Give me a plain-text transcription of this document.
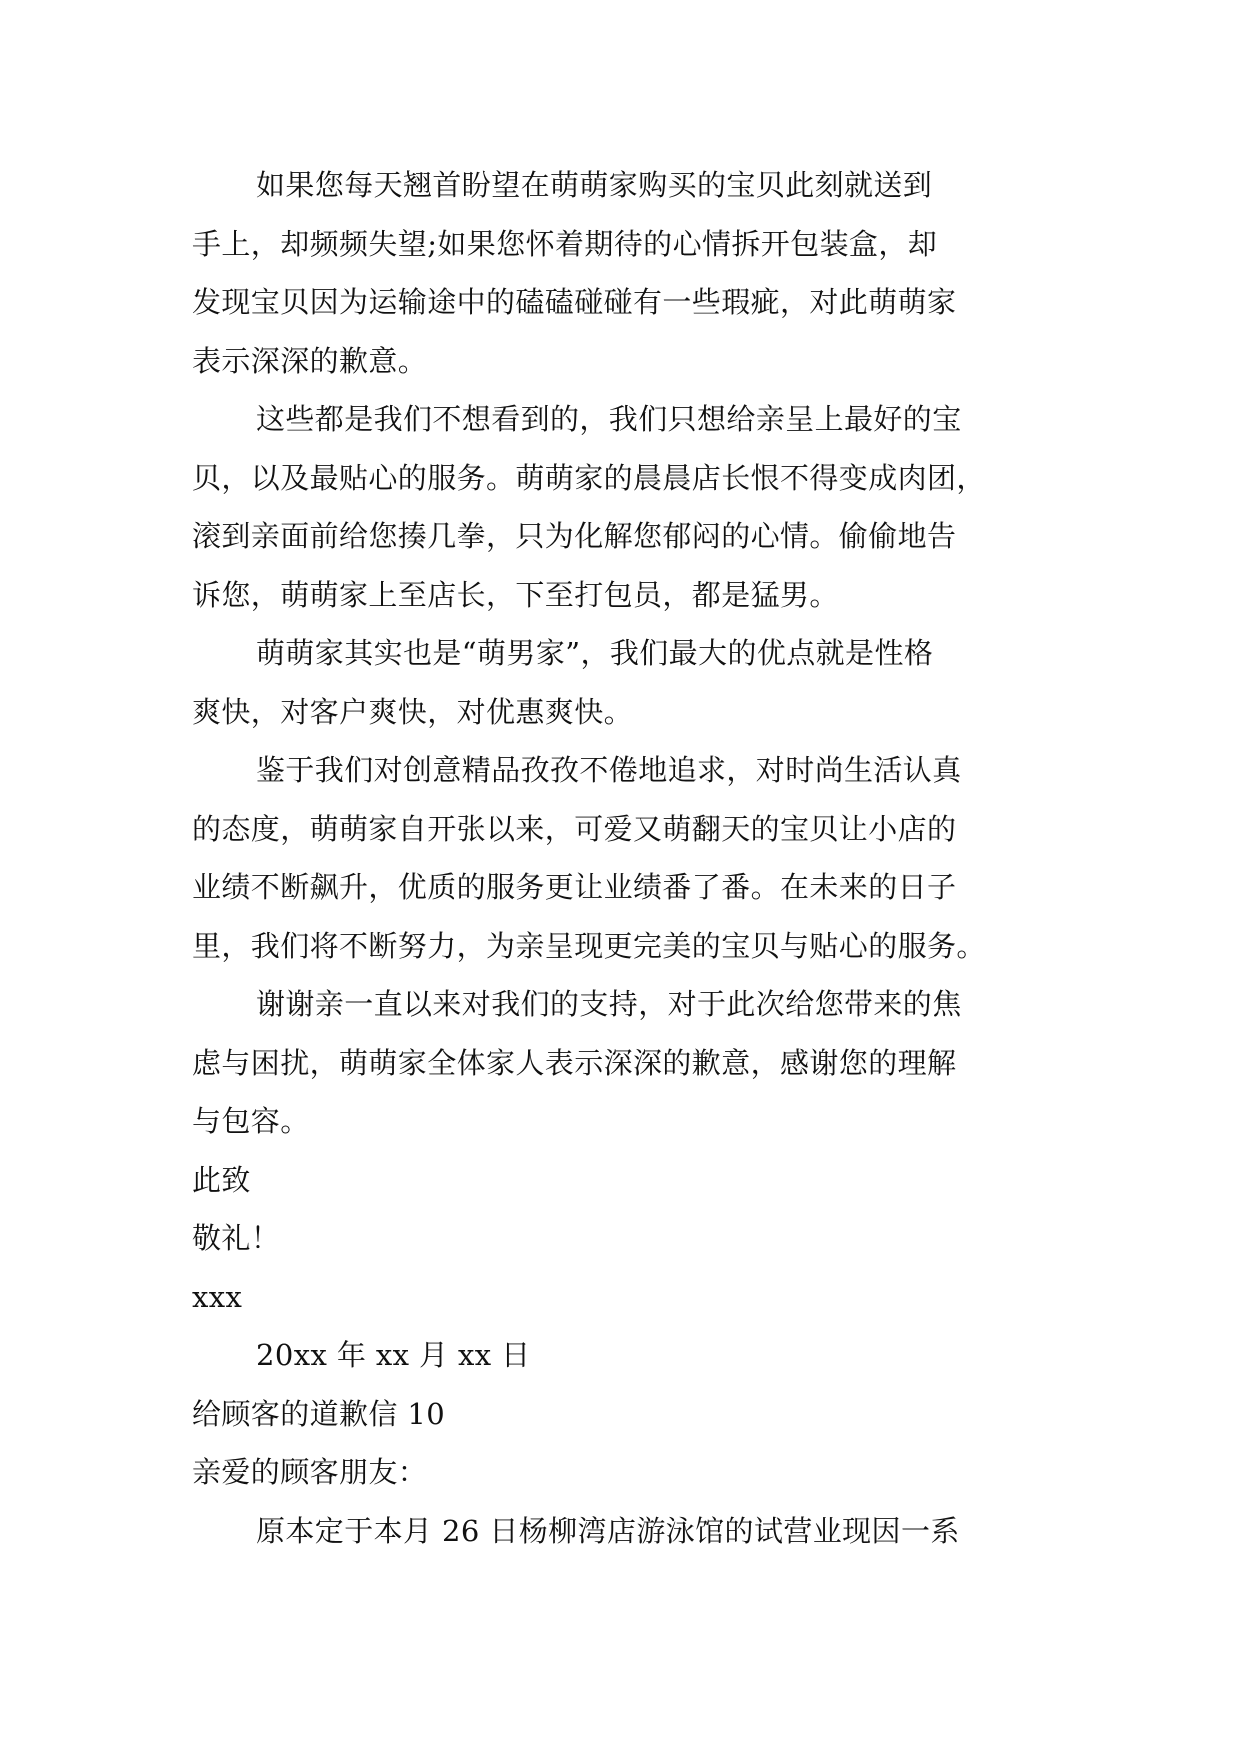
如果您每天翘首盼望在萌萌家购买的宝贝此刻就送到
手上，却频频失望;如果您怀着期待的心情拆开包装盒，却
发现宝贝因为运输途中的磕磕碰碰有一些瑕疵，对此萌萌家
表示深深的歉意。
这些都是我们不想看到的，我们只想给亲呈上最好的宝
贝，以及最贴心的服务。萌萌家的晨晨店长恨不得变成肉团，
滚到亲面前给您揍几拳，只为化解您郁闷的心情。偷偷地告
诉您，萌萌家上至店长，下至打包员，都是猛男。
萌萌家其实也是“萌男家”，我们最大的优点就是性格
爽快，对客户爽快，对优惠爽快。
鉴于我们对创意精品孜孜不倦地追求，对时尚生活认真
的态度，萌萌家自开张以来，可爱又萌翻天的宝贝让小店的
业绩不断飙升，优质的服务更让业绩番了番。在未来的日子
里，我们将不断努力，为亲呈现更完美的宝贝与贴心的服务。
谢谢亲一直以来对我们的支持，对于此次给您带来的焦
虑与困扰，萌萌家全体家人表示深深的歉意，感谢您的理解
与包容。
此致
敬礼！
xxx
20xx 年 xx 月 xx 日
给顾客的道歉信 10
亲爱的顾客朋友：
原本定于本月 26 日杨柳湾店游泳馆的试营业现因一系
